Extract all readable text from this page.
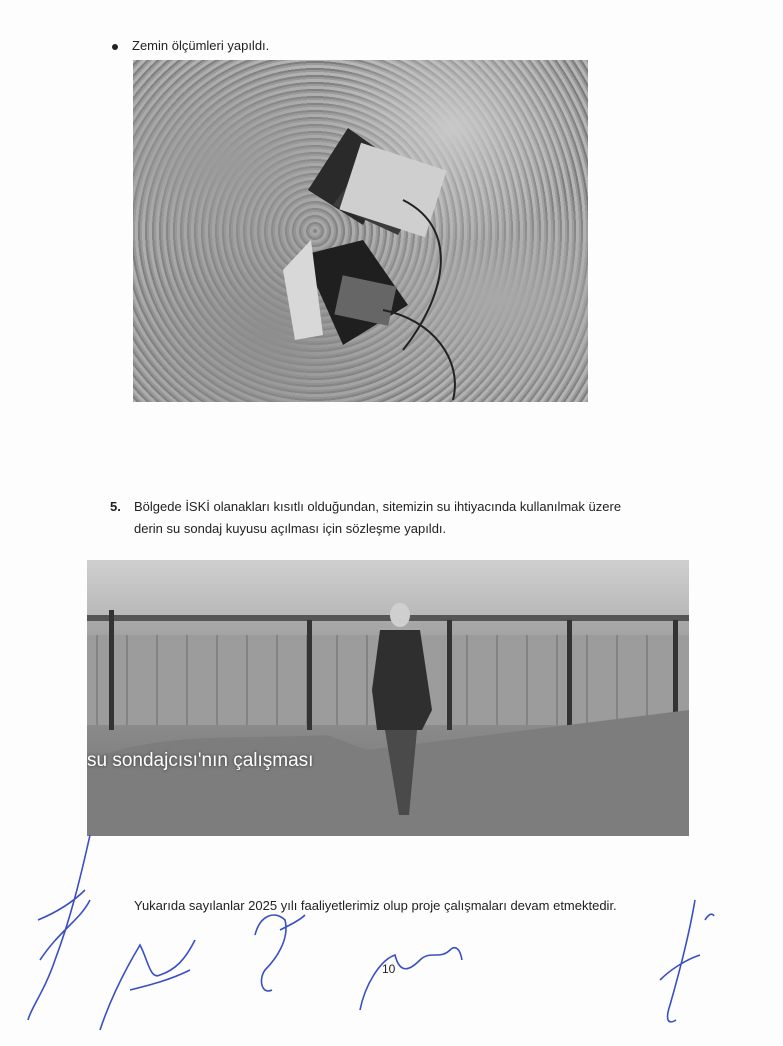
Zemin ölçümleri yapıldı.
5. Bölgede İSKİ olanakları kısıtlı olduğundan, sitemizin su ihtiyacında kullanılmak üzere
derin su sondaj kuyusu açılması için sözleşme yapıldı.
su sondajcısı'nın çalışması
Yukarıda sayılanlar 2025 yılı faaliyetlerimiz olup proje çalışmaları devam etmektedir.
10
